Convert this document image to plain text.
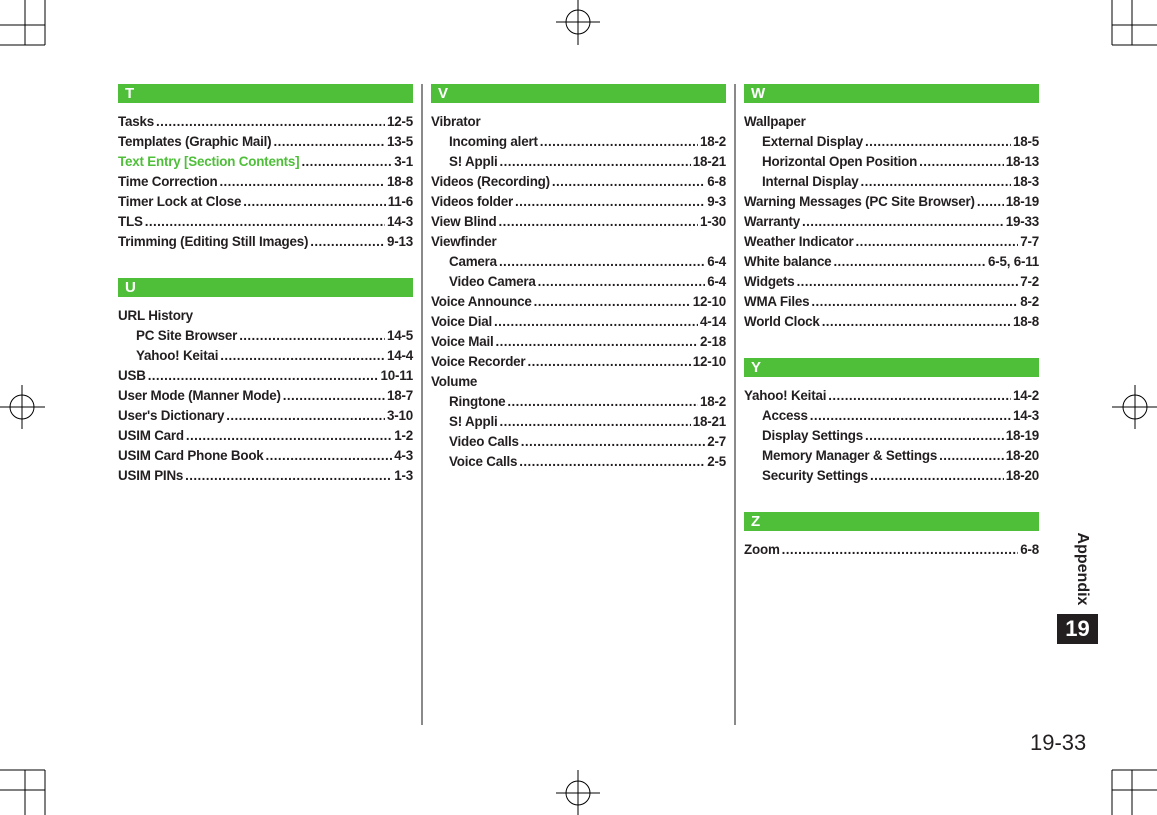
T
Tasks .....	12-5
Templates (Graphic Mail) .....	13-5
Text Entry [Section Contents] .....	3-1
Time Correction .....	18-8
Timer Lock at Close .....	11-6
TLS .....	14-3
Trimming (Editing Still Images) .....	9-13
U
URL History
PC Site Browser .....	14-5
Yahoo! Keitai .....	14-4
USB .....	10-11
User Mode (Manner Mode) .....	18-7
User's Dictionary .....	3-10
USIM Card .....	1-2
USIM Card Phone Book .....	4-3
USIM PINs .....	1-3
V
Vibrator
Incoming alert .....	18-2
S! Appli .....	18-21
Videos (Recording) .....	6-8
Videos folder .....	9-3
View Blind .....	1-30
Viewfinder
Camera .....	6-4
Video Camera .....	6-4
Voice Announce .....	12-10
Voice Dial .....	4-14
Voice Mail .....	2-18
Voice Recorder .....	12-10
Volume
Ringtone .....	18-2
S! Appli .....	18-21
Video Calls .....	2-7
Voice Calls .....	2-5
W
Wallpaper
External Display .....	18-5
Horizontal Open Position .....	18-13
Internal Display .....	18-3
Warning Messages (PC Site Browser) ..... 18-19
Warranty .....	19-33
Weather Indicator .....	7-7
White balance .....	6-5, 6-11
Widgets .....	7-2
WMA Files .....	8-2
World Clock .....	18-8
Y
Yahoo! Keitai .....	14-2
Access .....	14-3
Display Settings .....	18-19
Memory Manager & Settings .....	18-20
Security Settings .....	18-20
Z
Zoom .....	6-8 Appendix
19
19-33
